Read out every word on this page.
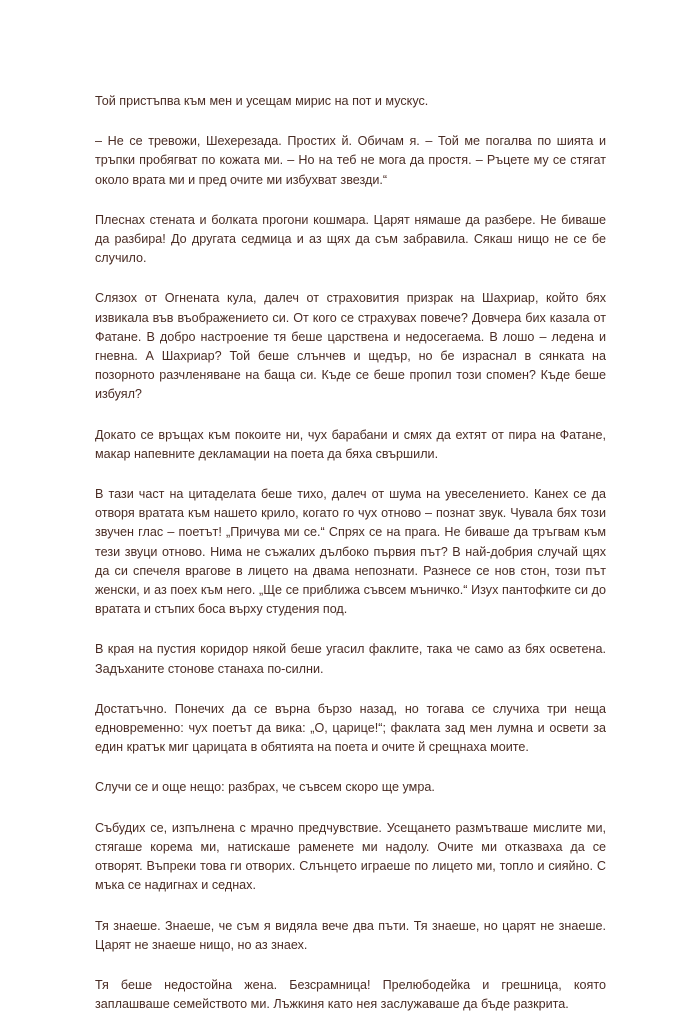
Той пристъпва към мен и усещам мирис на пот и мускус.

– Не се тревожи, Шехерезада. Простих й. Обичам я. – Той ме погалва по шията и тръпки пробягват по кожата ми. – Но на теб не мога да простя. – Ръцете му се стягат около врата ми и пред очите ми избухват звезди.“

Плеснах стената и болката прогони кошмара. Царят нямаше да разбере. Не биваше да разбира! До другата седмица и аз щях да съм забравила. Сякаш нищо не се бе случило.

Слязох от Огнената кула, далеч от страховития призрак на Шахриар, който бях извикала във въображението си. От кого се страхувах повече? Довчера бих казала от Фатане. В добро настроение тя беше царствена и недосегаема. В лошо – ледена и гневна. А Шахриар? Той беше слънчев и щедър, но бе израснал в сянката на позорното разчленяване на баща си. Къде се беше пропил този спомен? Къде беше избуял?

Докато се връщах към покоите ни, чух барабани и смях да ехтят от пира на Фатане, макар напевните декламации на поета да бяха свършили.

В тази част на цитаделата беше тихо, далеч от шума на увеселението. Канех се да отворя вратата към нашето крило, когато го чух отново – познат звук. Чувала бях този звучен глас – поетът! „Причува ми се.“ Спрях се на прага. Не биваше да тръгвам към тези звуци отново. Нима не съжалих дълбоко първия път? В най-добрия случай щях да си спечеля врагове в лицето на двама непознати. Разнесе се нов стон, този път женски, и аз поех към него. „Ще се приближа съвсем мъничко.“ Изух пантофките си до вратата и стъпих боса върху студения под.

В края на пустия коридор някой беше угасил факлите, така че само аз бях осветена. Задъханите стонове станаха по-силни.

Достатъчно. Понечих да се върна бързо назад, но тогава се случиха три неща едновременно: чух поетът да вика: „О, царице!“; факлата зад мен лумна и освети за един кратък миг царицата в обятията на поета и очите й срещнаха моите.

Случи се и още нещо: разбрах, че съвсем скоро ще умра.

Събудих се, изпълнена с мрачно предчувствие. Усещането размътваше мислите ми, стягаше корема ми, натискаше раменете ми надолу. Очите ми отказваха да се отворят. Въпреки това ги отворих. Слънцето играеше по лицето ми, топло и сияйно. С мъка се надигнах и седнах.

Тя знаеше. Знаеше, че съм я видяла вече два пъти. Тя знаеше, но царят не знаеше. Царят не знаеше нищо, но аз знаех.

Тя беше недостойна жена. Безсрамница! Прелюбодейка и грешница, която заплашваше семейството ми. Лъжкиня като нея заслужаваше да бъде разкрита.
